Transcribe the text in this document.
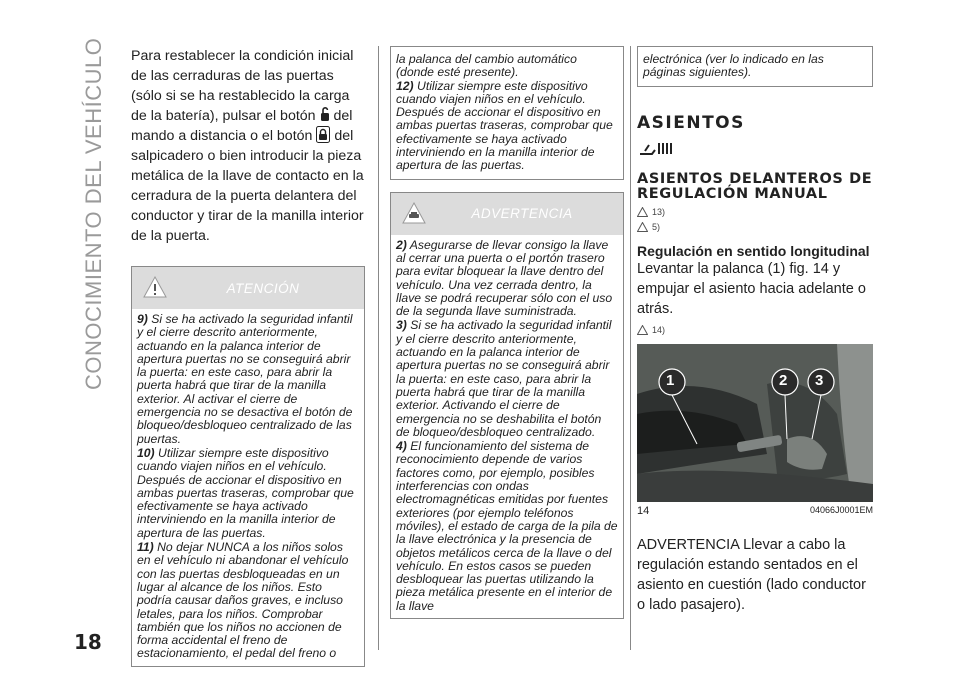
CONOCIMIENTO DEL VEHÍCULO
18
Para restablecer la condición inicial de las cerraduras de las puertas (sólo si se ha restablecido la carga de la batería), pulsar el botón del mando a distancia o el botón del salpicadero o bien introducir la pieza metálica de la llave de contacto en la cerradura de la puerta delantera del conductor y tirar de la manilla interior de la puerta.
ATENCIÓN

9) Si se ha activado la seguridad infantil y el cierre descrito anteriormente, actuando en la palanca interior de apertura puertas no se conseguirá abrir la puerta: en este caso, para abrir la puerta habrá que tirar de la manilla exterior. Al activar el cierre de emergencia no se desactiva el botón de bloqueo/desbloqueo centralizado de las puertas.

10) Utilizar siempre este dispositivo cuando viajen niños en el vehículo. Después de accionar el dispositivo en ambas puertas traseras, comprobar que efectivamente se haya activado interviniendo en la manilla interior de apertura de las puertas.

11) No dejar NUNCA a los niños solos en el vehículo ni abandonar el vehículo con las puertas desbloqueadas en un lugar al alcance de los niños. Esto podría causar daños graves, e incluso letales, para los niños. Comprobar también que los niños no accionen de forma accidental el freno de estacionamiento, el pedal del freno o

la palanca del cambio automático (donde esté presente).

12) Utilizar siempre este dispositivo cuando viajen niños en el vehículo. Después de accionar el dispositivo en ambas puertas traseras, comprobar que efectivamente se haya activado interviniendo en la manilla interior de apertura de las puertas.

ADVERTENCIA

2) Asegurarse de llevar consigo la llave al cerrar una puerta o el portón trasero para evitar bloquear la llave dentro del vehículo. Una vez cerrada dentro, la llave se podrá recuperar sólo con el uso de la segunda llave suministrada.

3) Si se ha activado la seguridad infantil y el cierre descrito anteriormente, actuando en la palanca interior de apertura puertas no se conseguirá abrir la puerta: en este caso, para abrir la puerta habrá que tirar de la manilla exterior. Activando el cierre de emergencia no se deshabilita el botón de bloqueo/desbloqueo centralizado.

4) El funcionamiento del sistema de reconocimiento depende de varios factores como, por ejemplo, posibles interferencias con ondas electromagnéticas emitidas por fuentes exteriores (por ejemplo teléfonos móviles), el estado de carga de la pila de la llave electrónica y la presencia de objetos metálicos cerca de la llave o del vehículo. En estos casos se pueden desbloquear las puertas utilizando la pieza metálica presente en el interior de la llave

electrónica (ver lo indicado en las páginas siguientes).

ASIENTOS
ASIENTOS DELANTEROS DE REGULACIÓN MANUAL
13)
5)
Regulación en sentido longitudinal
Levantar la palanca (1) fig. 14 y empujar el asiento hacia adelante o atrás.
14)
1	2 3
14	04066J0001EM
ADVERTENCIA Llevar a cabo la regulación estando sentados en el asiento en cuestión (lado conductor o lado pasajero).
